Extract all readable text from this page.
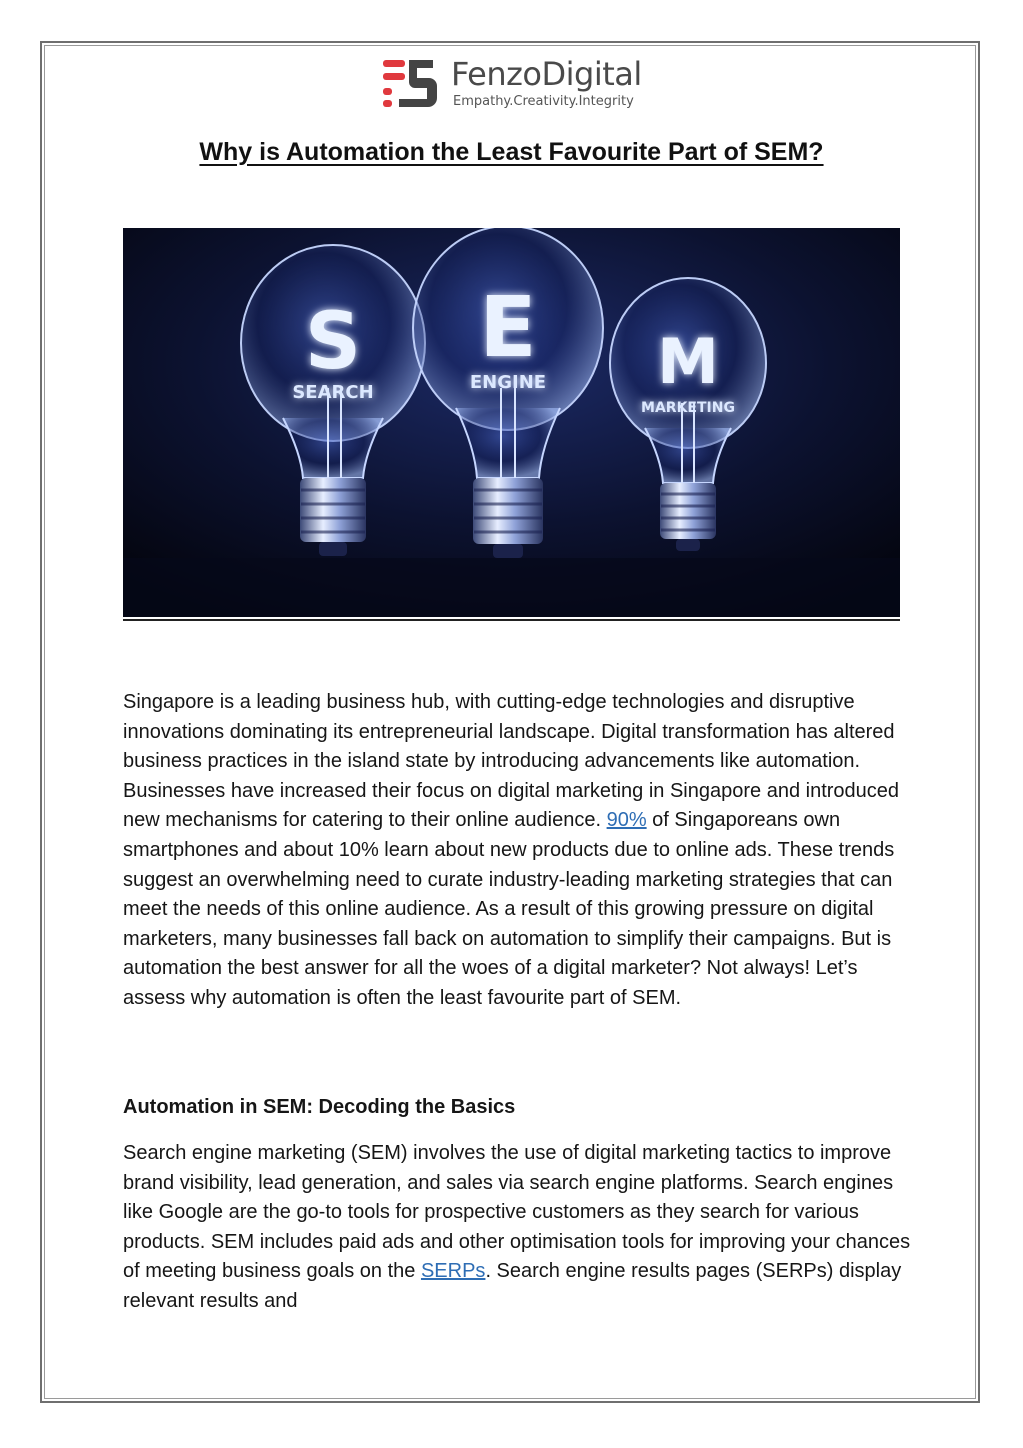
FenzoDigital
Empathy.Creativity.Integrity
Why is Automation the Least Favourite Part of SEM?
S
SEARCH
E
ENGINE M
MARKETING

Singapore is a leading business hub, with cutting-edge technologies and disruptive innovations dominating its entrepreneurial landscape. Digital transformation has altered business practices in the island state by introducing advancements like automation. Businesses have increased their focus on digital marketing in Singapore and introduced new mechanisms for catering to their online audience. 90% of Singaporeans own smartphones and about 10% learn about new products due to online ads. These trends suggest an overwhelming need to curate industry-leading marketing strategies that can meet the needs of this online audience. As a result of this growing pressure on digital marketers, many businesses fall back on automation to simplify their campaigns. But is automation the best answer for all the woes of a digital marketer? Not always! Let’s assess why automation is often the least favourite part of SEM.

Automation in SEM: Decoding the Basics

Search engine marketing (SEM) involves the use of digital marketing tactics to improve brand visibility, lead generation, and sales via search engine platforms. Search engines like Google are the go-to tools for prospective customers as they search for various products. SEM includes paid ads and other optimisation tools for improving your chances of meeting business goals on the SERPs. Search engine results pages (SERPs) display relevant results and
